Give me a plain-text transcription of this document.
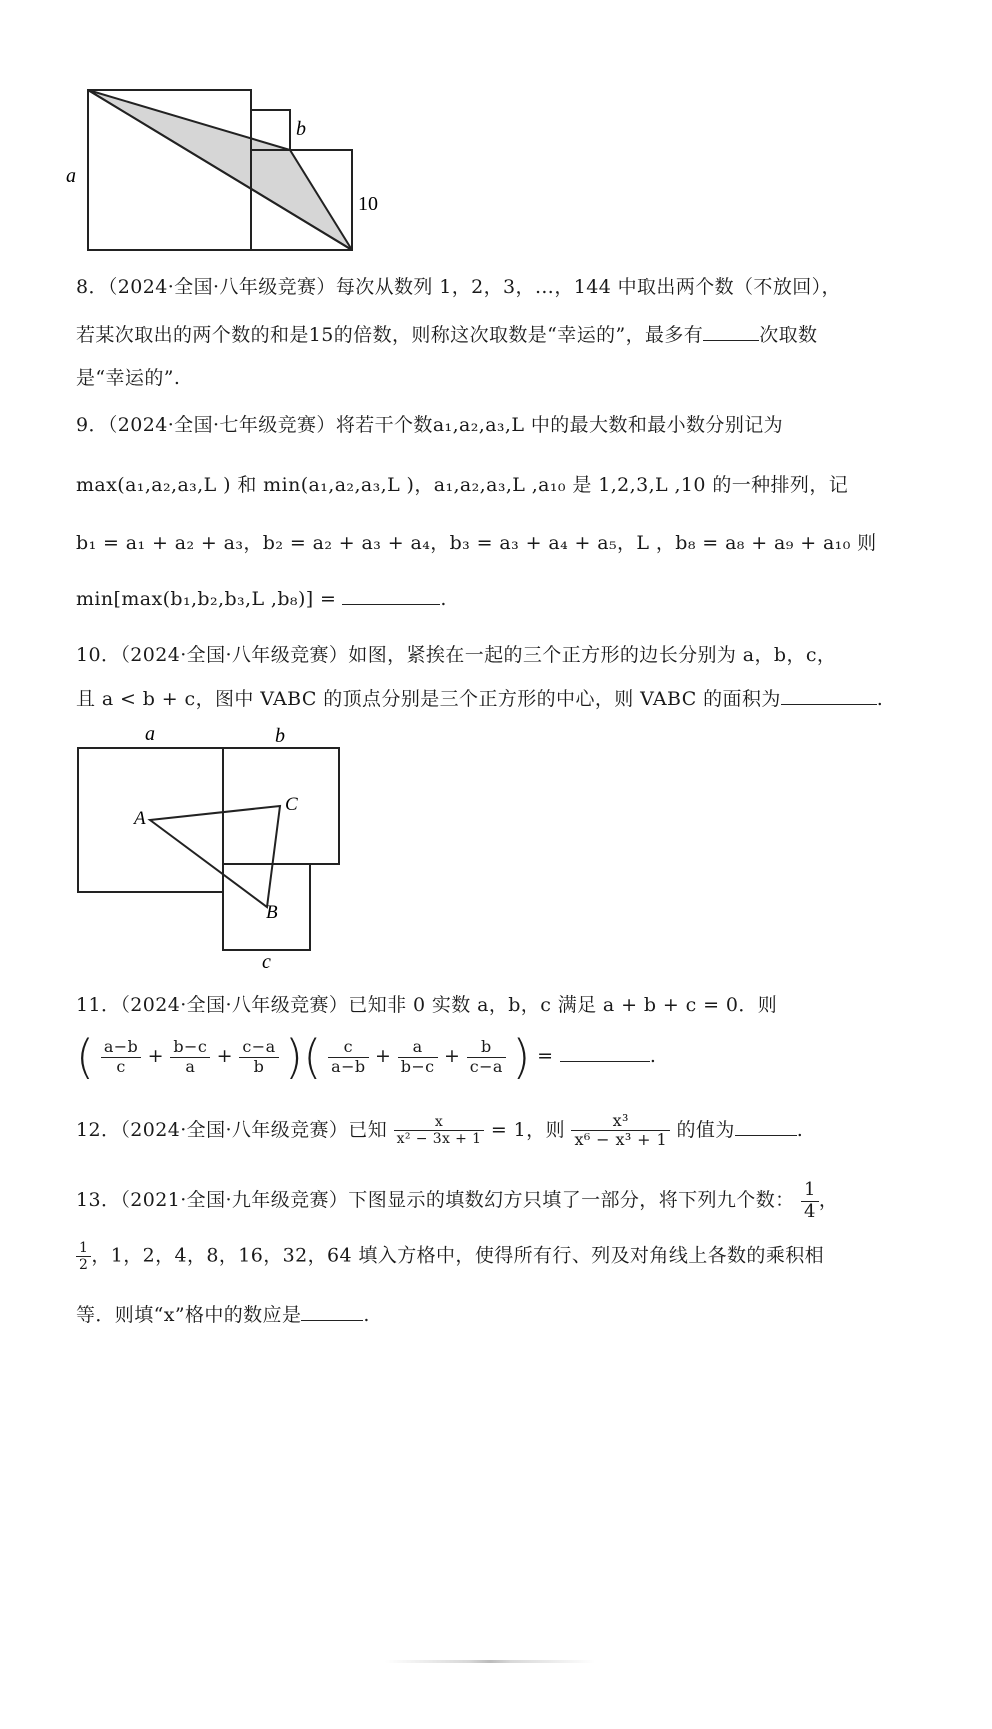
a
b
10
8．（2024·全国·八年级竞赛）每次从数列 1，2，3，…，144 中取出两个数（不放回），
若某次取出的两个数的和是15的倍数，则称这次取数是“幸运的”，最多有	次取数
是“幸运的”.
9．（2024·全国·七年级竞赛）将若干个数a₁,a₂,a₃,L 中的最大数和最小数分别记为
max(a₁,a₂,a₃,L ) 和 min(a₁,a₂,a₃,L )，a₁,a₂,a₃,L ,a₁₀ 是 1,2,3,L ,10 的一种排列，记
b₁ = a₁ + a₂ + a₃，b₂ = a₂ + a₃ + a₄，b₃ = a₃ + a₄ + a₅，L ，b₈ = a₈ + a₉ + a₁₀ 则
min[max(b₁,b₂,b₃,L ,b₈)] =	.
10．（2024·全国·八年级竞赛）如图，紧挨在一起的三个正方形的边长分别为 a，b，c，
且 a < b + c，图中 VABC 的顶点分别是三个正方形的中心，则 VABC 的面积为	.
a	b
c
A
B
C
11．（2024·全国·八年级竞赛）已知非 0 实数 a，b，c 满足 a + b + c = 0．则
( $\frac{a-b}{c} + \frac{b-c}{a} + \frac{c-a}{b}$ )( $\frac{c}{a-b} + \frac{a}{b-c} + \frac{b}{c-a}$ ) =	.
12．（2024·全国·八年级竞赛）已知 $\frac{x}{\text{x² − 3x + 1}} = 1$，则 $\frac{\text{x³}}{\text{x⁶ − x³ + 1}}$ 的值为	.
13．（2021·全国·九年级竞赛）下图显示的填数幻方只填了一部分，将下列九个数： $\frac{1}{4}$ ，
$\frac{1}{2}$ ，1，2，4，8，16，32，64 填入方格中，使得所有行、列及对角线上各数的乘积相
等．则填“x”格中的数应是	.
